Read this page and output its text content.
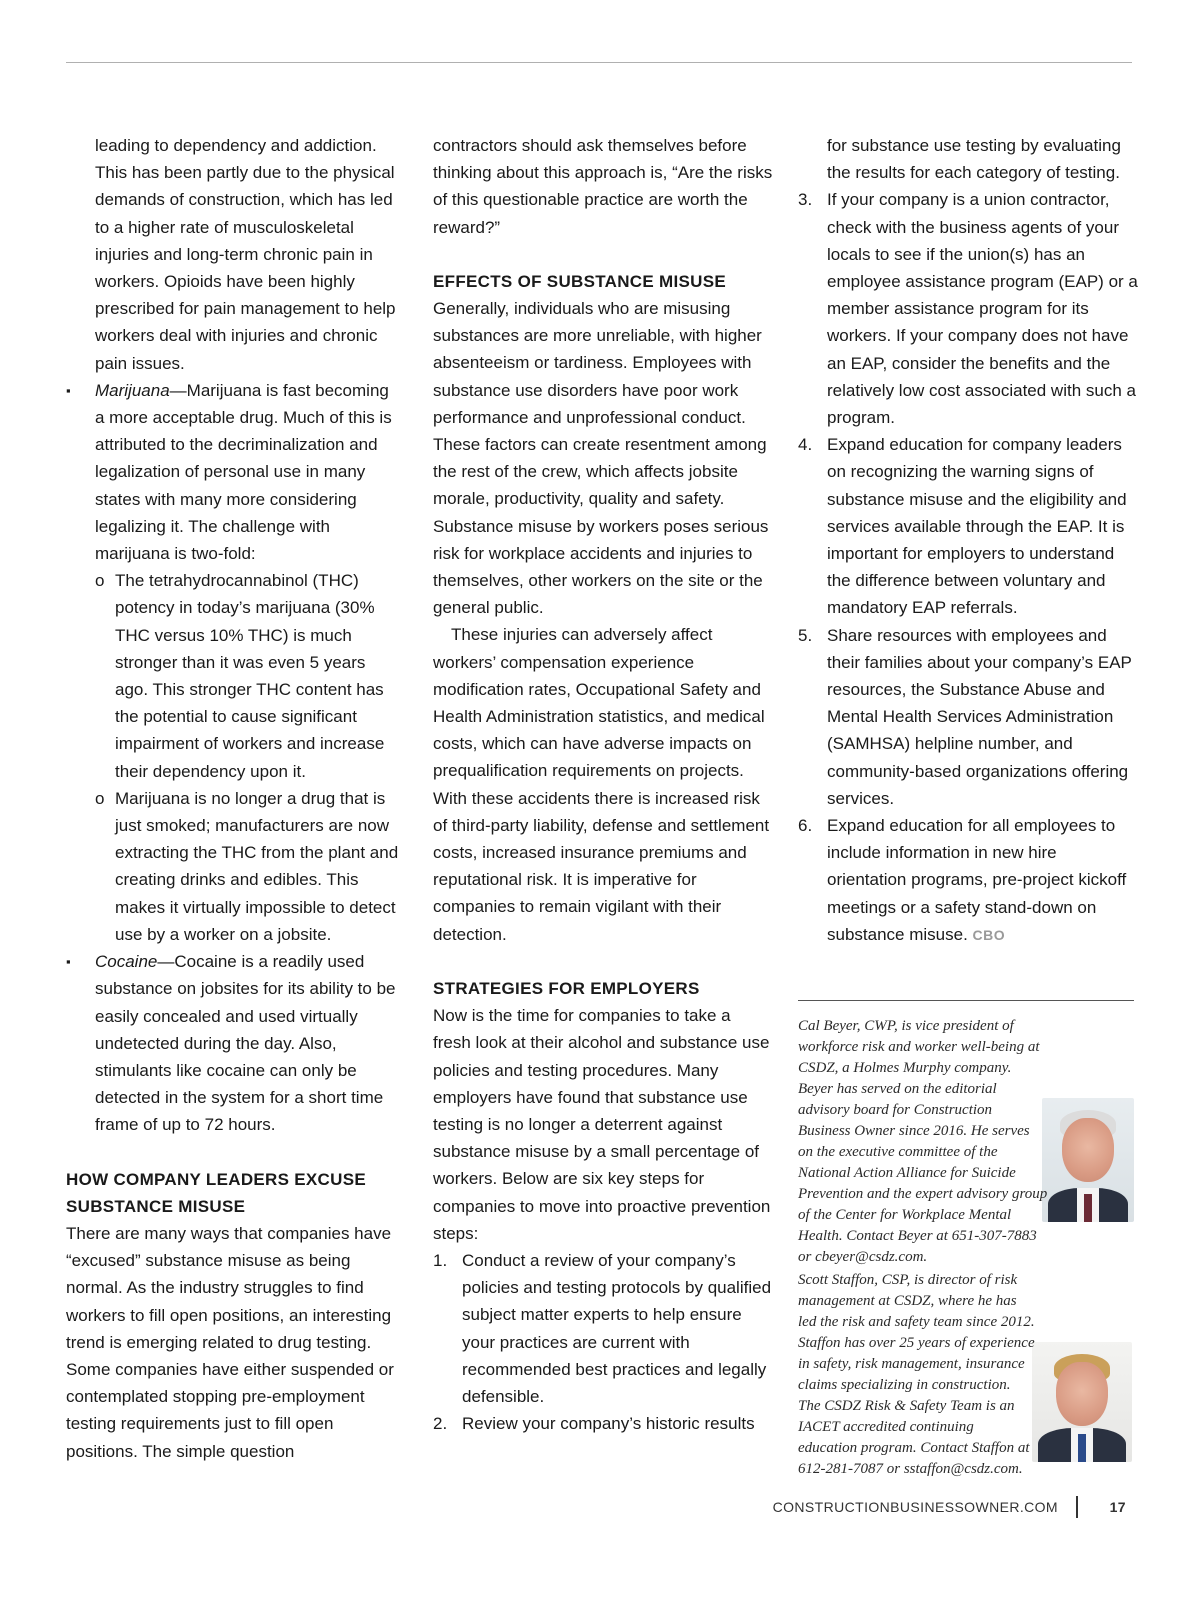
leading to dependency and addiction. This has been partly due to the physical demands of construction, which has led to a higher rate of musculoskeletal injuries and long-term chronic pain in workers. Opioids have been highly prescribed for pain management to help workers deal with injuries and chronic pain issues.

▪ Marijuana—Marijuana is fast becoming a more acceptable drug. Much of this is attributed to the decriminalization and legalization of personal use in many states with many more considering legalizing it. The challenge with marijuana is two-fold:
o The tetrahydrocannabinol (THC) potency in today’s marijuana (30% THC versus 10% THC) is much stronger than it was even 5 years ago. This stronger THC content has the potential to cause significant impairment of workers and increase their dependency upon it.
o Marijuana is no longer a drug that is just smoked; manufacturers are now extracting the THC from the plant and creating drinks and edibles. This makes it virtually impossible to detect use by a worker on a jobsite.
▪ Cocaine—Cocaine is a readily used substance on jobsites for its ability to be easily concealed and used virtually undetected during the day. Also, stimulants like cocaine can only be detected in the system for a short time frame of up to 72 hours.

HOW COMPANY LEADERS EXCUSE SUBSTANCE MISUSE

There are many ways that companies have “excused” substance misuse as being normal. As the industry struggles to find workers to fill open positions, an interesting trend is emerging related to drug testing. Some companies have either suspended or contemplated stopping pre-employment testing requirements just to fill open positions. The simple question

contractors should ask themselves before thinking about this approach is, “Are the risks of this questionable practice are worth the reward?”

EFFECTS OF SUBSTANCE MISUSE

Generally, individuals who are misusing substances are more unreliable, with higher absenteeism or tardiness. Employees with substance use disorders have poor work performance and unprofessional conduct. These factors can create resentment among the rest of the crew, which affects jobsite morale, productivity, quality and safety. Substance misuse by workers poses serious risk for workplace accidents and injuries to themselves, other workers on the site or the general public.

These injuries can adversely affect workers’ compensation experience modification rates, Occupational Safety and Health Administration statistics, and medical costs, which can have adverse impacts on prequalification requirements on projects. With these accidents there is increased risk of third-party liability, defense and settlement costs, increased insurance premiums and reputational risk. It is imperative for companies to remain vigilant with their detection.

STRATEGIES FOR EMPLOYERS

Now is the time for companies to take a fresh look at their alcohol and substance use policies and testing procedures. Many employers have found that substance use testing is no longer a deterrent against substance misuse by a small percentage of workers. Below are six key steps for companies to move into proactive prevention steps:

1. Conduct a review of your company’s policies and testing protocols by qualified subject matter experts to help ensure your practices are current with recommended best practices and legally defensible.
2. Review your company’s historic results

for substance use testing by evaluating the results for each category of testing.

3. If your company is a union contractor, check with the business agents of your locals to see if the union(s) has an employee assistance program (EAP) or a member assistance program for its workers. If your company does not have an EAP, consider the benefits and the relatively low cost associated with such a program.
4. Expand education for company leaders on recognizing the warning signs of substance misuse and the eligibility and services available through the EAP. It is important for employers to understand the difference between voluntary and mandatory EAP referrals.
5. Share resources with employees and their families about your company’s EAP resources, the Substance Abuse and Mental Health Services Administration (SAMHSA) helpline number, and community-based organizations offering services.
6. Expand education for all employees to include information in new hire orientation programs, pre-project kickoff meetings or a safety stand-down on substance misuse. CBO

Cal Beyer, CWP, is vice president of workforce risk and worker well-being at CSDZ, a Holmes Murphy company. Beyer has served on the editorial advisory board for Construction Business Owner since 2016. He serves on the executive committee of the National Action Alliance for Suicide Prevention and the expert advisory group of the Center for Workplace Mental Health. Contact Beyer at 651-307-7883 or cbeyer@csdz.com.

Scott Staffon, CSP, is director of risk management at CSDZ, where he has led the risk and safety team since 2012. Staffon has over 25 years of experience in safety, risk management, insurance claims specializing in construction. The CSDZ Risk & Safety Team is an IACET accredited continuing education program. Contact Staffon at 612-281-7087 or sstaffon@csdz.com.

CONSTRUCTIONBUSINESSOWNER.COM	17
